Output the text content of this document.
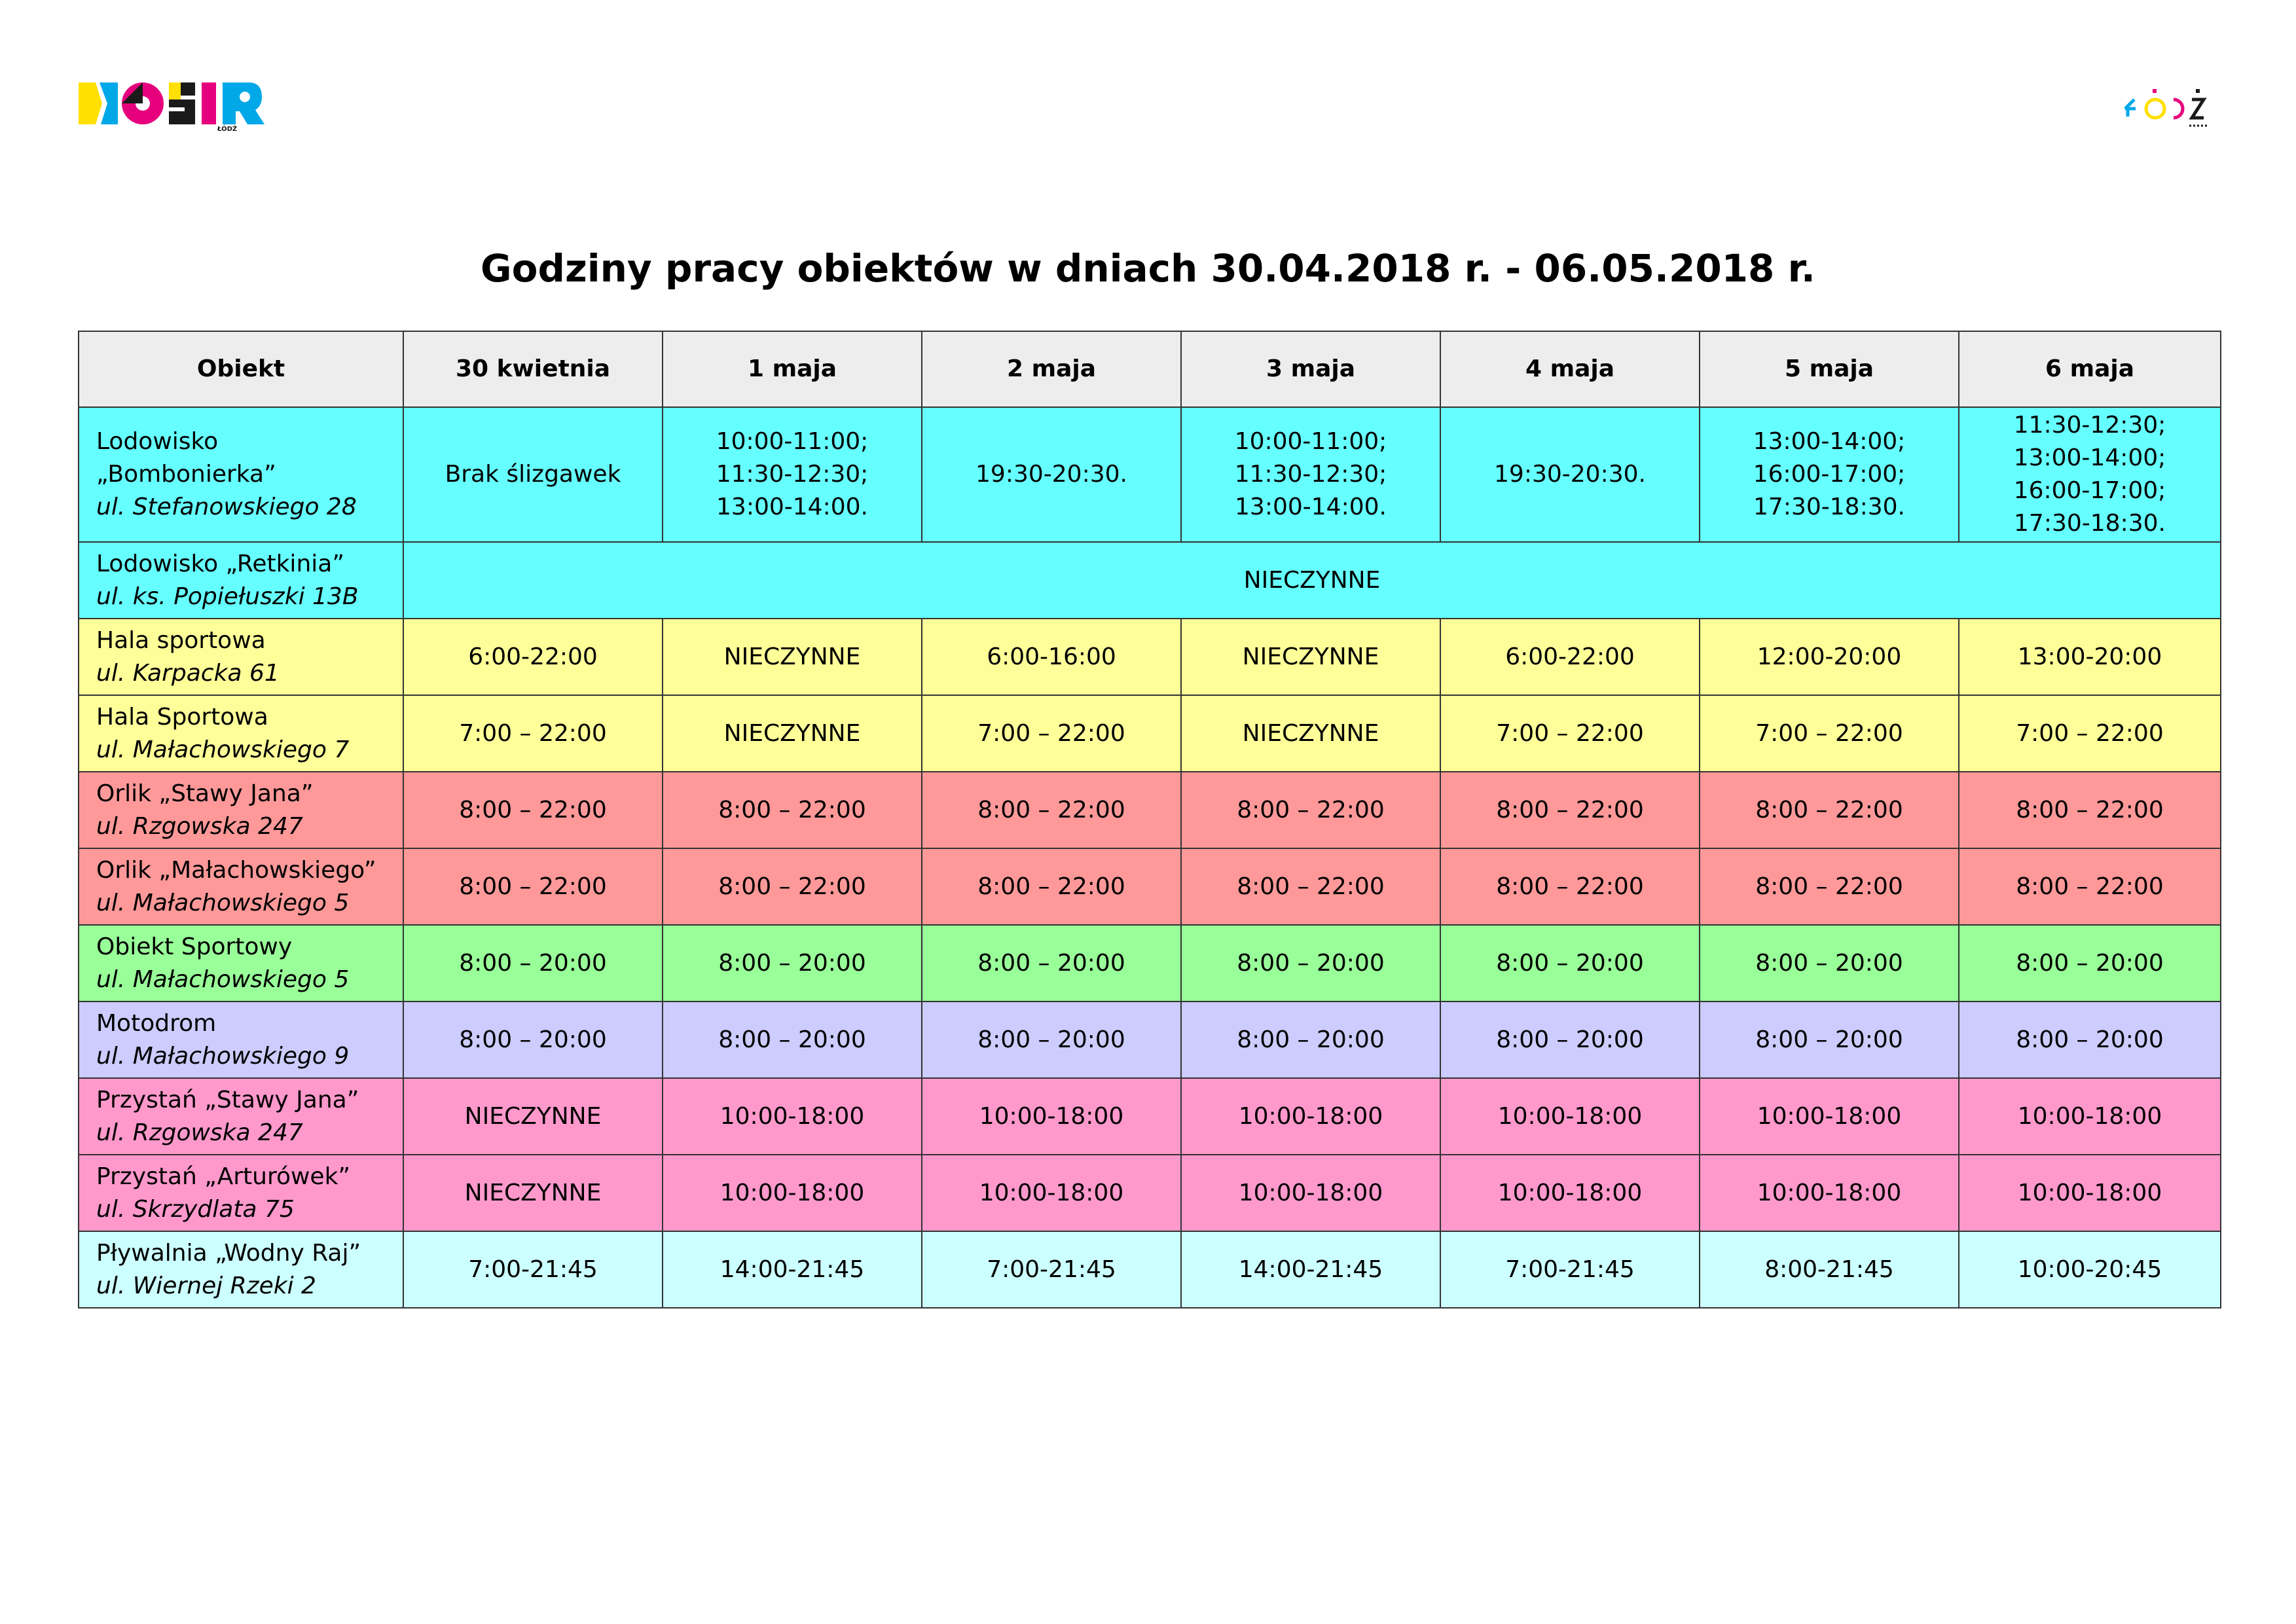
ŁÓDŹ
Godziny pracy obiektów w dniach 30.04.2018 r. - 06.05.2018 r.
Obiekt	30 kwietnia	1 maja	2 maja	3 maja	4 maja	5 maja	6 maja

Lodowisko „Bombonierka”
ul. Stefanowskiego 28	Brak ślizgawek	10:00-11:00;
11:30-12:30;
13:00-14:00.	19:30-20:30.	10:00-11:00;
11:30-12:30;
13:00-14:00.	19:30-20:30.	13:00-14:00;
16:00-17:00;
17:30-18:30.	11:30-12:30;
13:00-14:00;
16:00-17:00;
17:30-18:30.

Lodowisko „Retkinia”
ul. ks. Popiełuszki 13B	NIECZYNNE						

Hala sportowa
ul. Karpacka 61	6:00-22:00	NIECZYNNE	6:00-16:00	NIECZYNNE	6:00-22:00	12:00-20:00	13:00-20:00

Hala Sportowa
ul. Małachowskiego 7	7:00 – 22:00	NIECZYNNE	7:00 – 22:00	NIECZYNNE	7:00 – 22:00	7:00 – 22:00	7:00 – 22:00

Orlik „Stawy Jana”
ul. Rzgowska 247	8:00 – 22:00	8:00 – 22:00	8:00 – 22:00	8:00 – 22:00	8:00 – 22:00	8:00 – 22:00	8:00 – 22:00

Orlik „Małachowskiego”
ul. Małachowskiego 5	8:00 – 22:00	8:00 – 22:00	8:00 – 22:00	8:00 – 22:00	8:00 – 22:00	8:00 – 22:00	8:00 – 22:00

Obiekt Sportowy
ul. Małachowskiego 5	8:00 – 20:00	8:00 – 20:00	8:00 – 20:00	8:00 – 20:00	8:00 – 20:00	8:00 – 20:00	8:00 – 20:00

Motodrom
ul. Małachowskiego 9	8:00 – 20:00	8:00 – 20:00	8:00 – 20:00	8:00 – 20:00	8:00 – 20:00	8:00 – 20:00	8:00 – 20:00

Przystań „Stawy Jana”
ul. Rzgowska 247	NIECZYNNE	10:00-18:00	10:00-18:00	10:00-18:00	10:00-18:00	10:00-18:00	10:00-18:00

Przystań „Arturówek”
ul. Skrzydlata 75	NIECZYNNE	10:00-18:00	10:00-18:00	10:00-18:00	10:00-18:00	10:00-18:00	10:00-18:00

Pływalnia „Wodny Raj”
ul. Wiernej Rzeki 2	7:00-21:45	14:00-21:45	7:00-21:45	14:00-21:45	7:00-21:45	8:00-21:45	10:00-20:45
